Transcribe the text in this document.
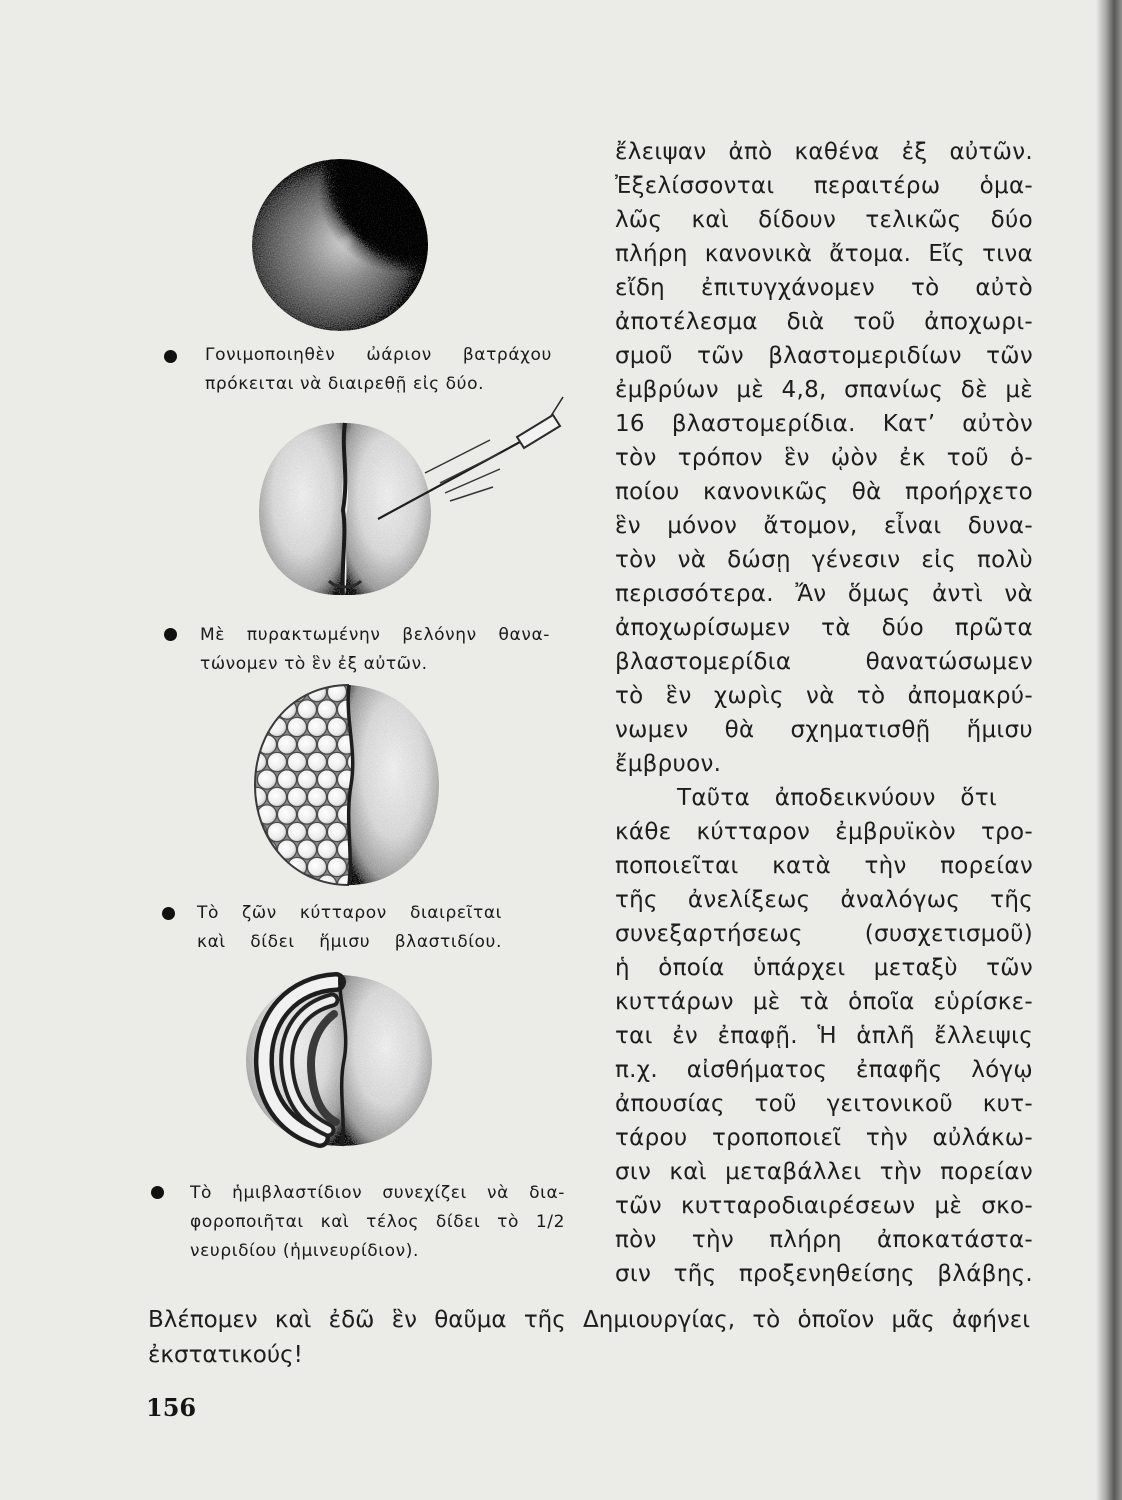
Γονιμοποιηθὲν ὠάριον βατράχου
πρόκειται νὰ διαιρεθῇ εἰς δύο.
Μὲ πυρακτωμένην βελόνην θανα-
τώνομεν τὸ ἓν ἐξ αὐτῶν.
Τὸ ζῶν κύτταρον διαιρεῖται
καὶ δίδει ἥμισυ βλαστιδίου.
Τὸ ἡμιβλαστίδιον συνεχίζει νὰ δια-
φοροποιῆται καὶ τέλος δίδει τὸ 1/2
νευριδίου (ἡμινευρίδιον).
ἔλειψαν ἀπὸ καθένα ἐξ αὐτῶν.
Ἐξελίσσονται περαιτέρω ὁμα-
λῶς καὶ δίδουν τελικῶς δύο
πλήρη κανονικὰ ἄτομα. Εἴς τινα
εἴδη ἐπιτυγχάνομεν τὸ αὐτὸ
ἀποτέλεσμα διὰ τοῦ ἀποχωρι-
σμοῦ τῶν βλαστομεριδίων τῶν
ἐμβρύων μὲ 4,8, σπανίως δὲ μὲ
16 βλαστομερίδια. Κατ’ αὐτὸν
τὸν τρόπον ἓν ᾠὸν ἐκ τοῦ ὁ-
ποίου κανονικῶς θὰ προήρχετο
ἓν μόνον ἄτομον, εἶναι δυνα-
τὸν νὰ δώσῃ γένεσιν εἰς πολὺ
περισσότερα. Ἄν ὅμως ἀντὶ νὰ
ἀποχωρίσωμεν τὰ δύο πρῶτα
βλαστομερίδια θανατώσωμεν
τὸ ἓν χωρὶς νὰ τὸ ἀπομακρύ-
νωμεν θὰ σχηματισθῇ ἥμισυ
ἔμβρυον.
Ταῦτα ἀποδεικνύουν ὅτι
κάθε κύτταρον ἐμβρυϊκὸν τρο-
ποποιεῖται κατὰ τὴν πορείαν
τῆς ἀνελίξεως ἀναλόγως τῆς
συνεξαρτήσεως (συσχετισμοῦ)
ἡ ὁποία ὑπάρχει μεταξὺ τῶν
κυττάρων μὲ τὰ ὁποῖα εὑρίσκε-
ται ἐν ἐπαφῇ. Ἡ ἁπλῆ ἔλλειψις
π.χ. αἰσθήματος ἐπαφῆς λόγῳ
ἀπουσίας τοῦ γειτονικοῦ κυτ-
τάρου τροποποιεῖ τὴν αὐλάκω-
σιν καὶ μεταβάλλει τὴν πορείαν
τῶν κυτταροδιαιρέσεων μὲ σκο-
πὸν τὴν πλήρη ἀποκατάστα-
σιν τῆς προξενηθείσης βλάβης.
Βλέπομεν καὶ ἐδῶ ἓν θαῦμα τῆς Δημιουργίας, τὸ ὁποῖον μᾶς ἀφήνει
ἐκστατικούς!
156
